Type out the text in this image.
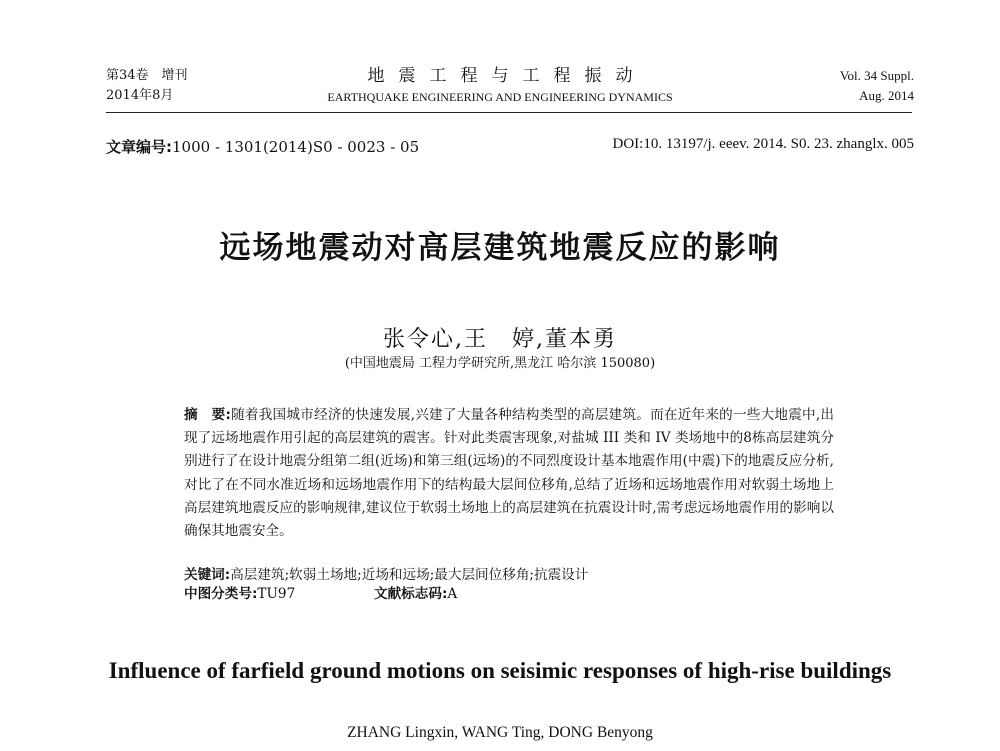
第34卷　增刊
2014年8月
地震工程与工程振动
EARTHQUAKE ENGINEERING AND ENGINEERING DYNAMICS
Vol. 34 Suppl.
Aug. 2014
文章编号:1000 - 1301(2014)S0 - 0023 - 05	DOI:10. 13197/j. eeev. 2014. S0. 23. zhanglx. 005
远场地震动对高层建筑地震反应的影响
张令心,王　婷,董本勇
(中国地震局 工程力学研究所,黑龙江 哈尔滨 150080)
摘　要:随着我国城市经济的快速发展,兴建了大量各种结构类型的高层建筑。而在近年来的一些大地震中,出现了远场地震作用引起的高层建筑的震害。针对此类震害现象,对盐城 III 类和 IV 类场地中的8栋高层建筑分别进行了在设计地震分组第二组(近场)和第三组(远场)的不同烈度设计基本地震作用(中震)下的地震反应分析,对比了在不同水准近场和远场地震作用下的结构最大层间位移角,总结了近场和远场地震作用对软弱土场地上高层建筑地震反应的影响规律,建议位于软弱土场地上的高层建筑在抗震设计时,需考虑远场地震作用的影响以确保其地震安全。
关键词:高层建筑;软弱土场地;近场和远场;最大层间位移角;抗震设计
中图分类号:TU97	文献标志码:A
Influence of farfield ground motions on seisimic responses of high-rise buildings
ZHANG Lingxin, WANG Ting, DONG Benyong
